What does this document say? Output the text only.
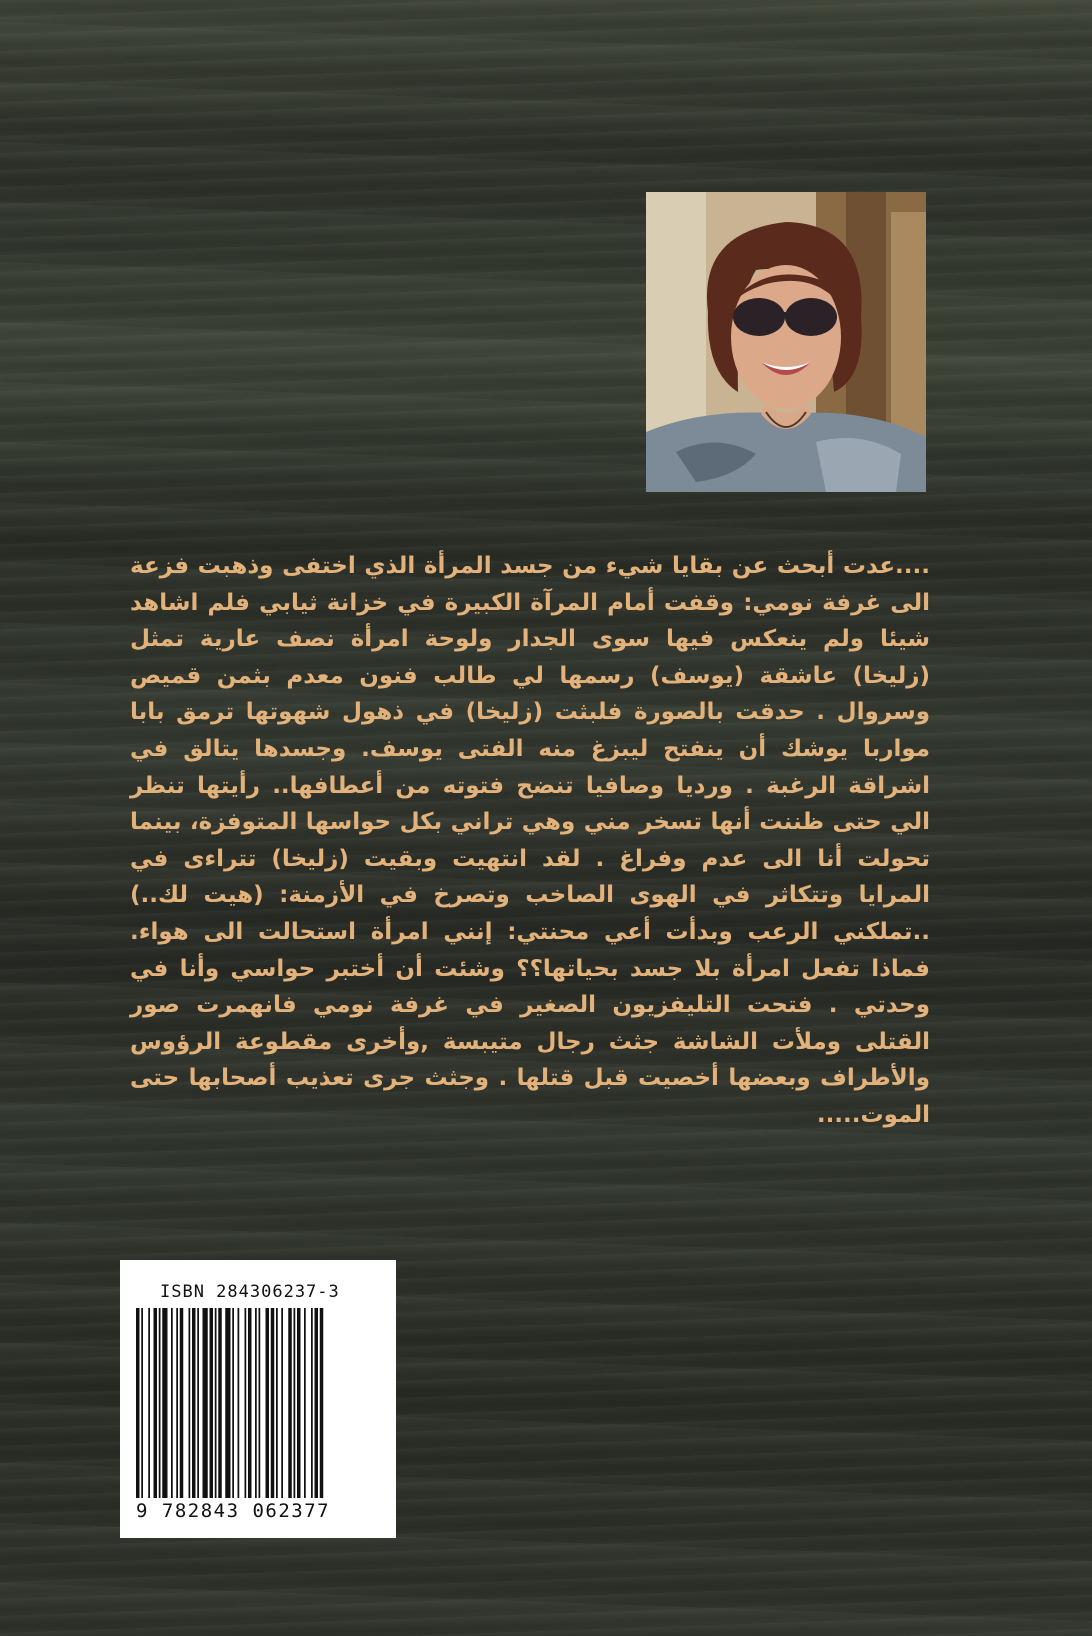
....عدت أبحث عن بقايا شيء من جسد المرأة الذي اختفى وذهبت فزعة الى غرفة نومي: وقفت أمام المرآة الكبيرة في خزانة ثيابي فلم اشاهد شيئا ولم ينعكس فيها سوى الجدار ولوحة امرأة نصف عارية تمثل (زليخا) عاشقة (يوسف) رسمها لي طالب فنون معدم بثمن قميص وسروال . حدقت بالصورة فلبثت (زليخا) في ذهول شهوتها ترمق بابا مواربا يوشك أن ينفتح ليبزغ منه الفتى يوسف. وجسدها يتالق في اشراقة الرغبة . ورديا وصافيا تنضح فتوته من أعطافها.. رأيتها تنظر الي حتى ظننت أنها تسخر مني وهي تراني بكل حواسها المتوفزة، بينما تحولت أنا الى عدم وفراغ . لقد انتهيت وبقيت (زليخا) تتراءى في المرايا وتتكاثر في الهوى الصاخب وتصرخ في الأزمنة: (هيت لك..) ..تملكني الرعب وبدأت أعي محنتي: إنني امرأة استحالت الى هواء. فماذا تفعل امرأة بلا جسد بحياتها؟؟ وشئت أن أختبر حواسي وأنا في وحدتي . فتحت التليفزيون الصغير في غرفة نومي فانهمرت صور القتلى وملأت الشاشة جثث رجال متيبسة ,وأخرى مقطوعة الرؤوس والأطراف وبعضها أخصيت قبل قتلها . وجثث جرى تعذيب أصحابها حتى الموت.....
ISBN 284306237-3
9 782843 062377
